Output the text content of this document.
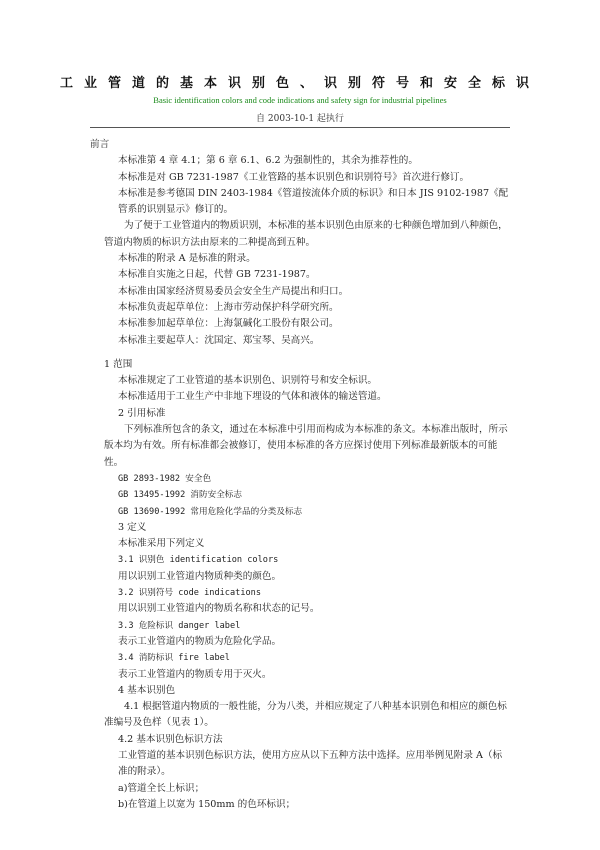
工业管道的基本识别色、识别符号和安全标识
Basic identification colors and code indications and safety sign for industrial pipelines
自 2003-10-1 起执行

前言

本标准第 4 章 4.1；第 6 章 6.1、6.2 为强制性的，其余为推荐性的。

本标准是对 GB 7231-1987《工业管路的基本识别色和识别符号》首次进行修订。

本标准是参考德国 DIN 2403-1984《管道按流体介质的标识》和日本 JIS 9102-1987《配管系的识别显示》修订的。

为了便于工业管道内的物质识别，本标准的基本识别色由原来的七种颜色增加到八种颜色，管道内物质的标识方法由原来的二种提高到五种。

本标准的附录 A 是标准的附录。

本标准自实施之日起，代替 GB 7231-1987。

本标准由国家经济贸易委员会安全生产局提出和归口。

本标准负责起草单位：上海市劳动保护科学研究所。

本标准参加起草单位：上海氯碱化工股份有限公司。

本标准主要起草人：沈国定、郑宝琴、吴高兴。

1 范围

本标准规定了工业管道的基本识别色、识别符号和安全标识。

本标准适用于工业生产中非地下埋设的气体和液体的输送管道。

2 引用标准

下列标准所包含的条文，通过在本标准中引用而构成为本标准的条文。本标准出版时，所示版本均为有效。所有标准都会被修订，使用本标准的各方应探讨使用下列标准最新版本的可能性。

GB 2893-1982 安全色

GB 13495-1992 消防安全标志

GB 13690-1992 常用危险化学品的分类及标志

3 定义

本标准采用下列定义

3.1 识别色 identification colors

用以识别工业管道内物质种类的颜色。

3.2 识别符号 code indications

用以识别工业管道内的物质名称和状态的记号。

3.3 危险标识 danger label

表示工业管道内的物质为危险化学品。

3.4 消防标识 fire label

表示工业管道内的物质专用于灭火。

4 基本识别色

4.1 根据管道内物质的一般性能，分为八类，并相应规定了八种基本识别色和相应的颜色标准编号及色样（见表 1）。

4.2 基本识别色标识方法

工业管道的基本识别色标识方法，使用方应从以下五种方法中选择。应用举例见附录 A（标准的附录）。

a)管道全长上标识；

b)在管道上以宽为 150mm 的色环标识；
